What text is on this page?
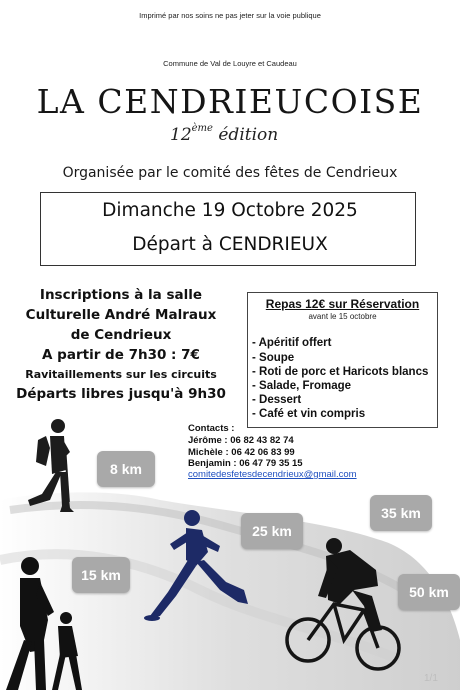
Imprimé par nos soins ne pas jeter sur la voie publique
Commune de Val de Louyre et Caudeau
LA CENDRIEUCOISE
12ème édition
Organisée par le comité des fêtes de Cendrieux
Dimanche 19 Octobre 2025
Départ à CENDRIEUX
Inscriptions à la salle
Culturelle André Malraux
de Cendrieux
A partir de 7h30 : 7€
Ravitaillements sur les circuits
Départs libres jusqu'à 9h30
Repas 12€ sur Réservation
avant le 15 octobre
- Apéritif offert
- Soupe
- Roti de porc et Haricots blancs
- Salade, Fromage
- Dessert
- Café et vin compris
Contacts :
Jérôme : 06 82 43 82 74
Michèle : 06 42 06 83 99
Benjamin : 06 47 79 35 15
comitedesfetesdecendrieux@gmail.com
8 km
15 km
25 km
35 km
50 km
1/1
